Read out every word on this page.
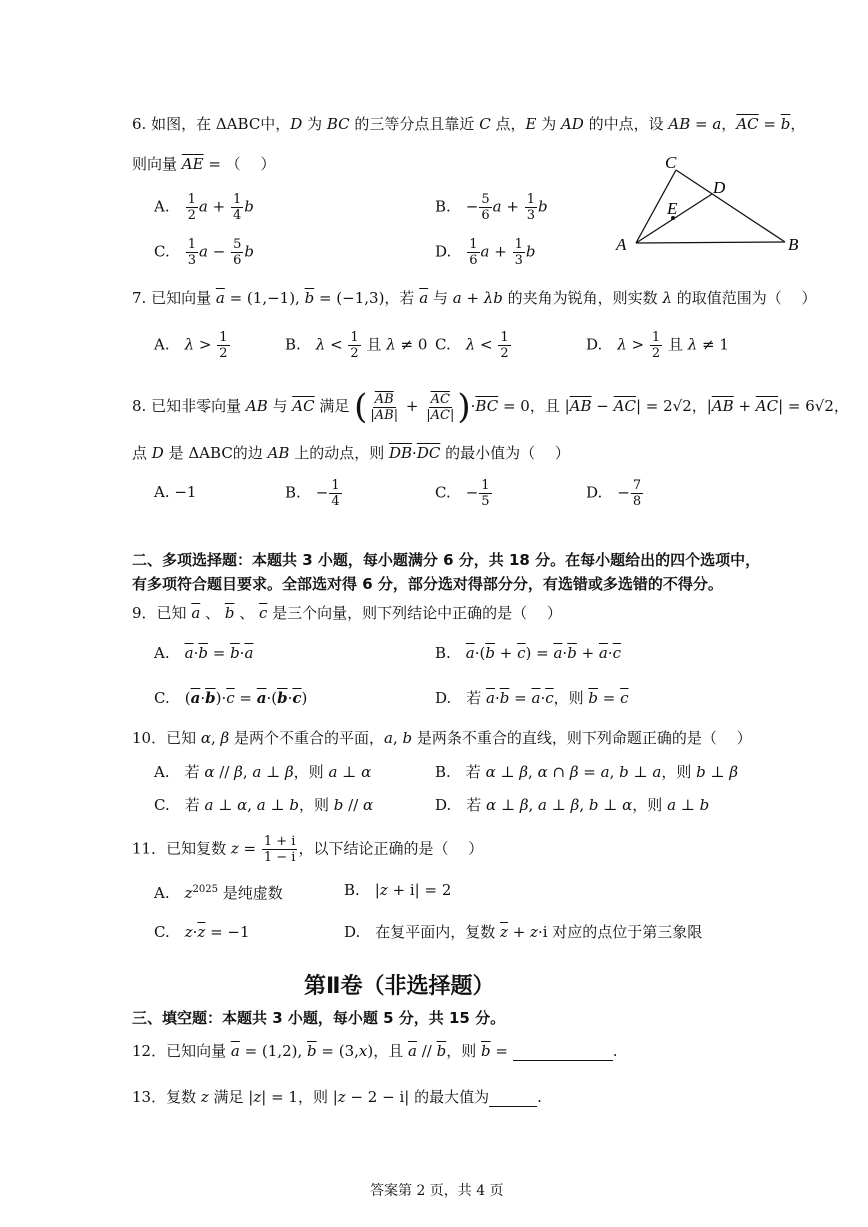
6. 如图，在 ΔABC中，D 为 BC 的三等分点且靠近 C 点，E 为 AD 的中点，设 AB = a，$\overline{AC} = \overline{b}$，
则向量 $\overline{AE}$ = （　 ）
A.　 $\frac{1}{2}$ $a + \frac{1}{4}$ b	B.　− $\frac{5}{6}$ $a + \frac{1}{3}$ b
C.　 $\frac{1}{3}$ $a - \frac{5}{6}$ b	D.　 $\frac{1}{6}$ $a + \frac{1}{3}$ b
C
D
E
A	B
7. 已知向量 $\overline{a} = (1,-1)$, $\overline{b} = (-1,3)$，若 $\overline{a}$ 与 a + λb 的夹角为锐角，则实数 λ 的取值范围为（　 ）
A.　$\lambda > \frac{1}{2}$	B.　$\lambda < \frac{1}{2}$ 且 λ ≠ 0 C.　$\lambda < \frac{1}{2}$	D.　$\lambda > \frac{1}{2}$ 且 λ ≠ 1
8. 已知非零向量 AB 与 $\overline{AC}$ 满足 ( $\frac{\overline{AB}}{|\overline{AB}|} + \frac{\overline{AC}}{|\overline{AC}|} )\cdot\overline{BC} = 0$，且 $|\overline{AB} - \overline{AC}| = 2√2$，$|\overline{AB} + \overline{AC}| = 6√2$，
点 D 是 ΔABC的边 AB 上的动点，则 $\overline{DB}\cdot\overline{DC}$ 的最小值为（　 ）
A. −1	B.　− $\frac{1}{4}$	C.　− $\frac{1}{5}$	D.　− $\frac{7}{8}$
二、多项选择题：本题共 3 小题，每小题满分 6 分，共 18 分。在每小题给出的四个选项中，
有多项符合题目要求。全部选对得 6 分，部分选对得部分分，有选错或多选错的不得分。
9．已知 $\overline{a}$ 、 $\overline{b}$ 、 $\overline{c}$ 是三个向量，则下列结论中正确的是（　 ）
A.　$\overline{a}\cdot\overline{b} = \overline{b}\cdot\overline{a}$	B.　$\overline{a}\cdot(\overline{b} + \overline{c}) = \overline{a}\cdot\overline{b} + \overline{a}\cdot\overline{c}$
C.　$(\overline{a}\cdot\overline{b})\cdot\overline{c} = \overline{a}\cdot(\overline{b}\cdot\overline{c})$	D.　若 $\overline{a}\cdot\overline{b} = \overline{a}\cdot\overline{c}$，则 $\overline{b} = \overline{c}$
10．已知 α, β 是两个不重合的平面，a, b 是两条不重合的直线，则下列命题正确的是（　 ）
A.　若 α // β, a ⊥ β，则 a ⊥ α	B.　若 α ⊥ β, α ∩ β = a, b ⊥ a，则 b ⊥ β
C.　若 a ⊥ α, a ⊥ b，则 b // α	D.　若 α ⊥ β, a ⊥ β, b ⊥ α，则 a ⊥ b
11．已知复数 $z = \frac{1 + i}{1 - i}$ ，以下结论正确的是（　 ）
A.　$z^{2025}$ 是纯虚数	B.　|z + i| = 2
C.　$z\cdot\overline{z} = -1$	D.　在复平面内，复数 $\overline{z} + z\cdot i$ 对应的点位于第三象限
第Ⅱ卷（非选择题）
三、填空题：本题共 3 小题，每小题 5 分，共 15 分。
12．已知向量 $\overline{a} = (1,2)$, $\overline{b} = (3,x)$，且 $\overline{a} // \overline{b}$，则 $\overline{b}$ =	.
13．复数 z 满足 |z| = 1，则 |z − 2 − i| 的最大值为	.
答案第 2 页，共 4 页
